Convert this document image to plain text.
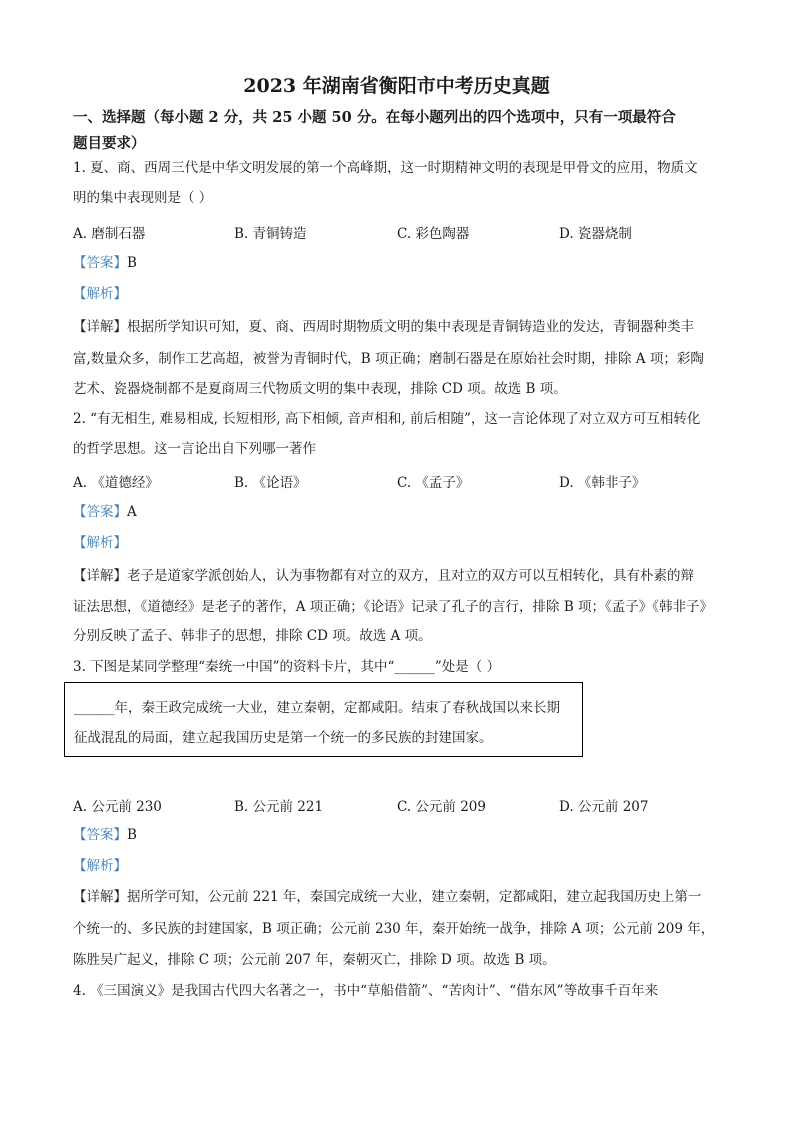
2023 年湖南省衡阳市中考历史真题
一、选择题（每小题 2 分，共 25 小题 50 分。在每小题列出的四个选项中，只有一项最符合
题目要求）
1. 夏、商、西周三代是中华文明发展的第一个高峰期，这一时期精神文明的表现是甲骨文的应用，物质文
明的集中表现则是（ ）
A. 磨制石器	B. 青铜铸造	C. 彩色陶器	D. 瓷器烧制
【答案】B
【解析】
【详解】根据所学知识可知，夏、商、西周时期物质文明的集中表现是青铜铸造业的发达，青铜器种类丰
富,数量众多，制作工艺高超，被誉为青铜时代，B 项正确；磨制石器是在原始社会时期，排除 A 项；彩陶
艺术、瓷器烧制都不是夏商周三代物质文明的集中表现，排除 CD 项。故选 B 项。
2. “有无相生, 难易相成, 长短相形, 高下相倾, 音声相和, 前后相随”，这一言论体现了对立双方可互相转化
的哲学思想。这一言论出自下列哪一著作
A. 《道德经》	B. 《论语》	C. 《孟子》	D. 《韩非子》
【答案】A
【解析】
【详解】老子是道家学派创始人，认为事物都有对立的双方，且对立的双方可以互相转化，具有朴素的辩
证法思想，《道德经》是老子的著作，A 项正确；《论语》记录了孔子的言行，排除 B 项；《孟子》《韩非子》
分别反映了孟子、韩非子的思想，排除 CD 项。故选 A 项。
3. 下图是某同学整理“秦统一中国”的资料卡片，其中“______”处是（ ）
______年，秦王政完成统一大业，建立秦朝，定都咸阳。结束了春秋战国以来长期
征战混乱的局面，建立起我国历史是第一个统一的多民族的封建国家。
A. 公元前 230	B. 公元前 221	C. 公元前 209	D. 公元前 207
【答案】B
【解析】
【详解】据所学可知，公元前 221 年，秦国完成统一大业，建立秦朝，定都咸阳，建立起我国历史上第一
个统一的、多民族的封建国家，B 项正确；公元前 230 年，秦开始统一战争，排除 A 项；公元前 209 年，
陈胜吴广起义，排除 C 项；公元前 207 年，秦朝灭亡，排除 D 项。故选 B 项。
4. 《三国演义》是我国古代四大名著之一，书中“草船借箭”、“苦肉计”、“借东风”等故事千百年来
